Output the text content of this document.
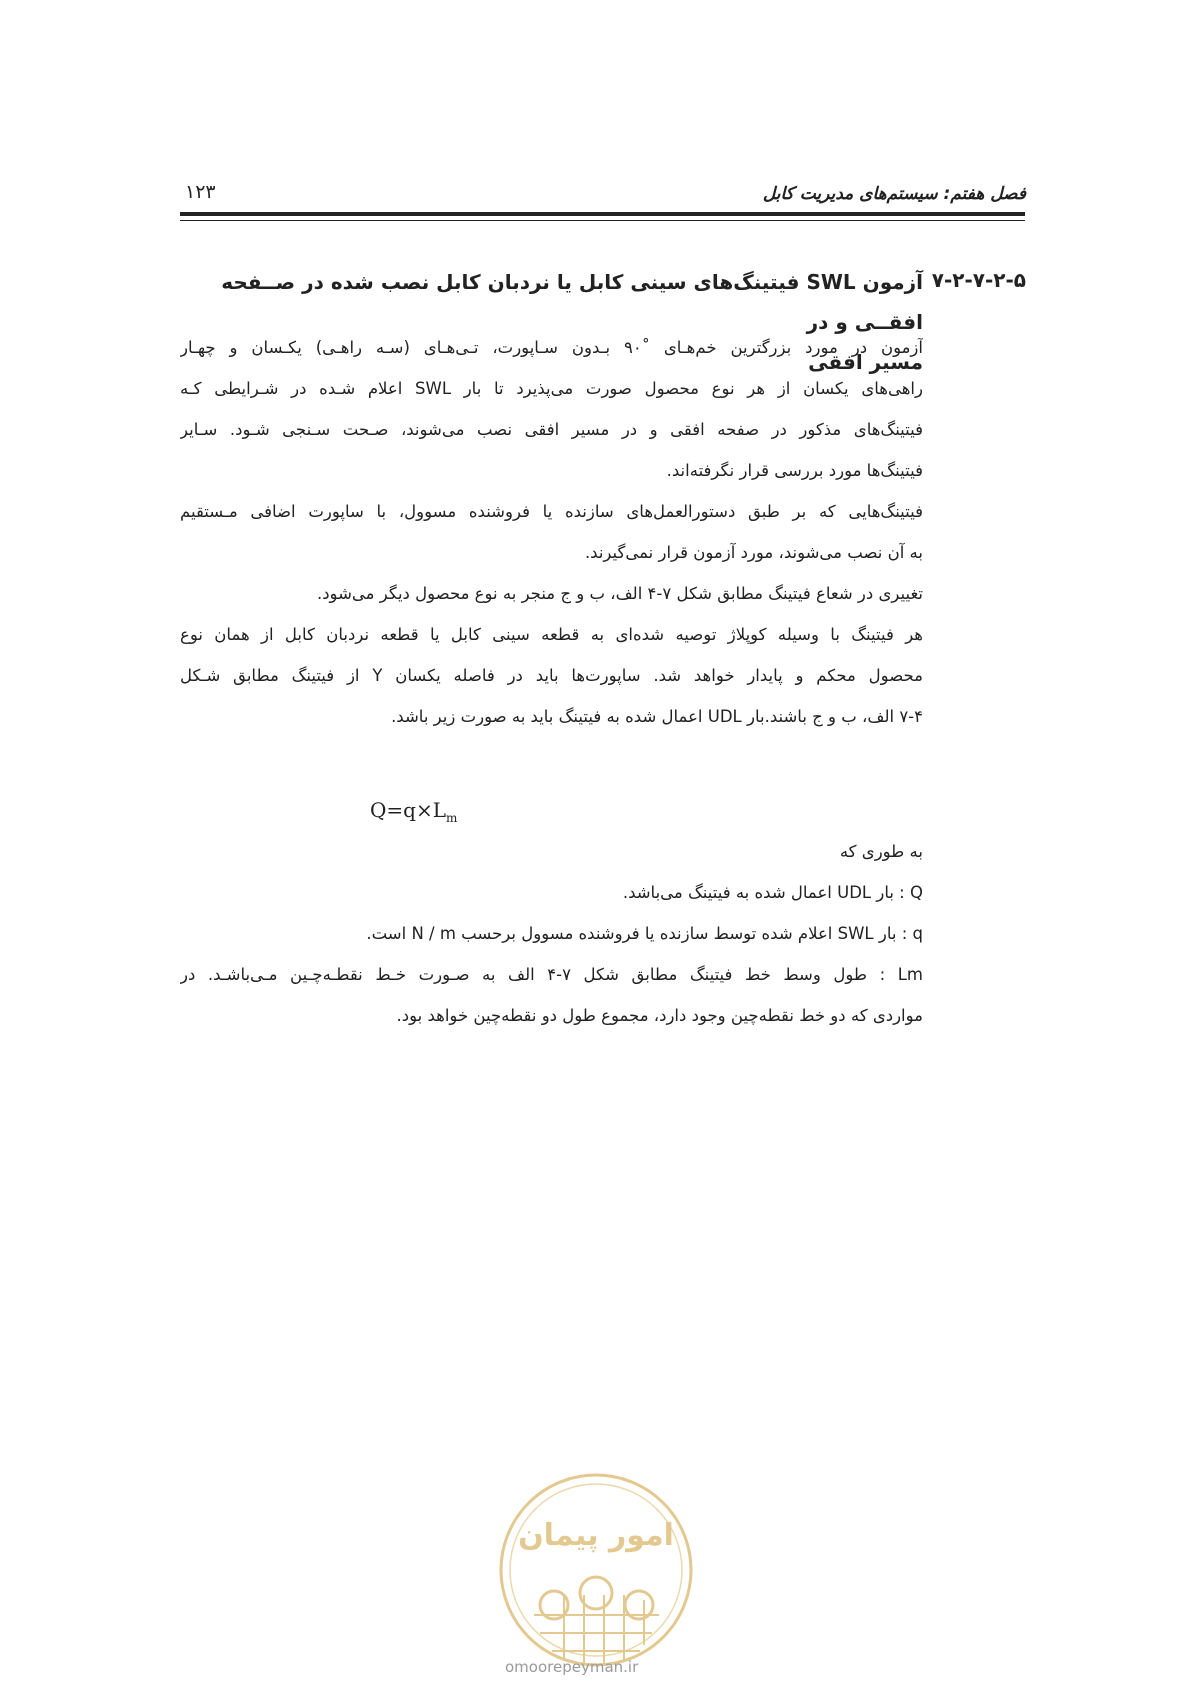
فصل هفتم: سیستم‌های مدیریت کابل
۱۲۳
۷-۲-۷-۲-۵
آزمون SWL فیتینگ‌های سینی کابل یا نردبان کابل نصب شده در صــفحه افقــی و در
مسیر افقی
آزمون در مورد بزرگترین خم‌هـای ˚۹۰ بـدون سـاپورت، تـی‌هـای (سـه راهـی) یکـسان و چهـار
راهی‌های یکسان از هر نوع محصول صورت می‌پذیرد تا بار SWL اعلام شـده در شـرایطی کـه
فیتینگ‌های مذکور در صفحه افقی و در مسیر افقی نصب می‌شوند، صـحت سـنجی شـود. سـایر
فیتینگ‌ها مورد بررسی قرار نگرفته‌اند.
فیتینگ‌هایی که بر طبق دستورالعمل‌های سازنده یا فروشنده مسوول، با ساپورت اضافی مـستقیم
به آن نصب می‌شوند، مورد آزمون قرار نمی‌گیرند.
تغییری در شعاع فیتینگ مطابق شکل ۷-۴ الف، ب و ج منجر به نوع محصول دیگر می‌شود.
هر فیتینگ با وسیله کوپلاژ توصیه شده‌ای به قطعه سینی کابل یا قطعه نردبان کابل از همان نوع
محصول محکم و پایدار خواهد شد. ساپورت‌ها باید در فاصله یکسان Y از فیتینگ مطابق شـکل
۷-۴ الف، ب و ج باشند.بار UDL اعمال شده به فیتینگ باید به صورت زیر باشد.
$Q=q\times L_m$
به طوری که
Q : بار UDL اعمال شده به فیتینگ می‌باشد.
q : بار SWL اعلام شده توسط سازنده یا فروشنده مسوول برحسب N / m است.
Lm : طول وسط خط فیتینگ مطابق شکل ۷-۴ الف به صـورت خـط نقطـه‌چـین مـی‌باشـد. در
مواردی که دو خط نقطه‌چین وجود دارد، مجموع طول دو نقطه‌چین خواهد بود.
امور پیمان
omoorepeyman.ir
